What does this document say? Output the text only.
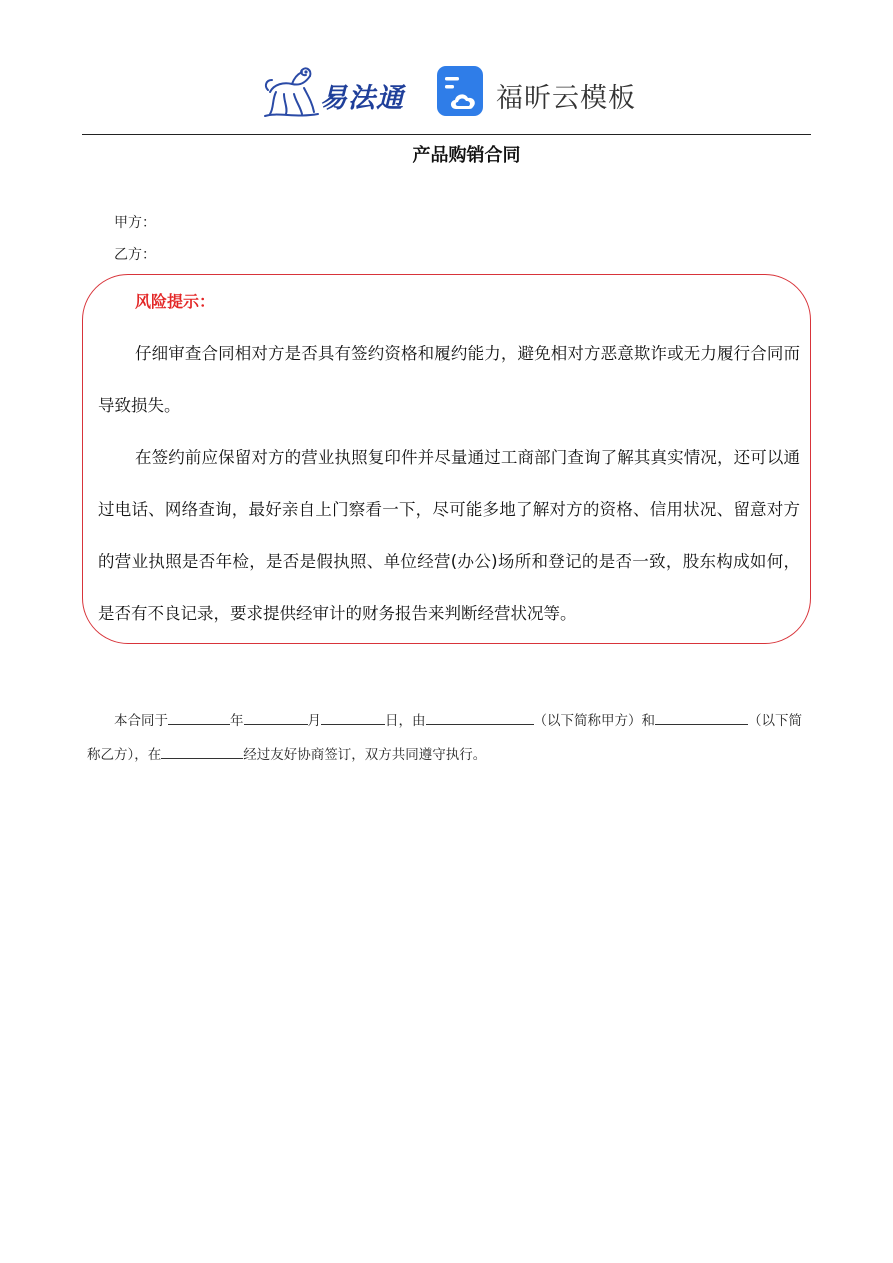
易法通	福昕云模板
产品购销合同
甲方：
乙方：
风险提示：

仔细审查合同相对方是否具有签约资格和履约能力，避免相对方恶意欺诈或无力履行合同而导致损失。

在签约前应保留对方的营业执照复印件并尽量通过工商部门查询了解其真实情况，还可以通过电话、网络查询，最好亲自上门察看一下，尽可能多地了解对方的资格、信用状况、留意对方的营业执照是否年检，是否是假执照、单位经营(办公)场所和登记的是否一致，股东构成如何，是否有不良记录，要求提供经审计的财务报告来判断经营状况等。

本合同于	年	月	日，由	（以下简称甲方）和	（以下简称乙方），在	经过友好协商签订，双方共同遵守执行。
